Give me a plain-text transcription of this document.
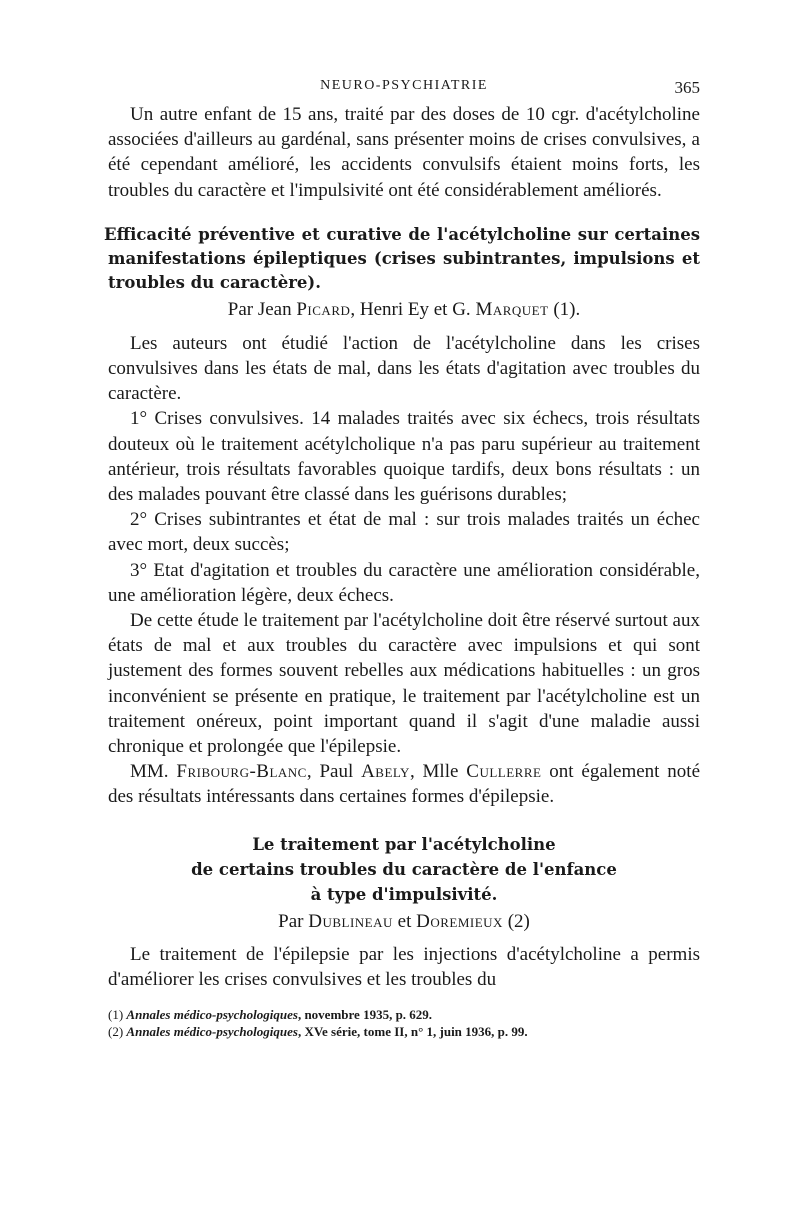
NEURO-PSYCHIATRIE	365

Un autre enfant de 15 ans, traité par des doses de 10 cgr. d'acétylcholine associées d'ailleurs au gardénal, sans présenter moins de crises convulsives, a été cependant amélioré, les accidents convulsifs étaient moins forts, les troubles du caractère et l'impulsivité ont été considérablement améliorés.

Efficacité préventive et curative de l'acétylcholine sur certaines manifestations épileptiques (crises subintrantes, impulsions et troubles du caractère).

Par Jean Picard, Henri Ey et G. Marquet (1).

Les auteurs ont étudié l'action de l'acétylcholine dans les crises convulsives dans les états de mal, dans les états d'agitation avec troubles du caractère.

1° Crises convulsives. 14 malades traités avec six échecs, trois résultats douteux où le traitement acétylcholique n'a pas paru supérieur au traitement antérieur, trois résultats favorables quoique tardifs, deux bons résultats : un des malades pouvant être classé dans les guérisons durables;

2° Crises subintrantes et état de mal : sur trois malades traités un échec avec mort, deux succès;

3° Etat d'agitation et troubles du caractère une amélioration considérable, une amélioration légère, deux échecs.

De cette étude le traitement par l'acétylcholine doit être réservé surtout aux états de mal et aux troubles du caractère avec impulsions et qui sont justement des formes souvent rebelles aux médications habituelles : un gros inconvénient se présente en pratique, le traitement par l'acétylcholine est un traitement onéreux, point important quand il s'agit d'une maladie aussi chronique et prolongée que l'épilepsie.

MM. Fribourg-Blanc, Paul Abely, Mlle Cullerre ont également noté des résultats intéressants dans certaines formes d'épilepsie.

Le traitement par l'acétylcholine
de certains troubles du caractère de l'enfance
à type d'impulsivité.

Par Dublineau et Doremieux (2)

Le traitement de l'épilepsie par les injections d'acétylcholine a permis d'améliorer les crises convulsives et les troubles du

(1) Annales médico-psychologiques, novembre 1935, p. 629.
(2) Annales médico-psychologiques, XVe série, tome II, n° 1, juin 1936, p. 99.
